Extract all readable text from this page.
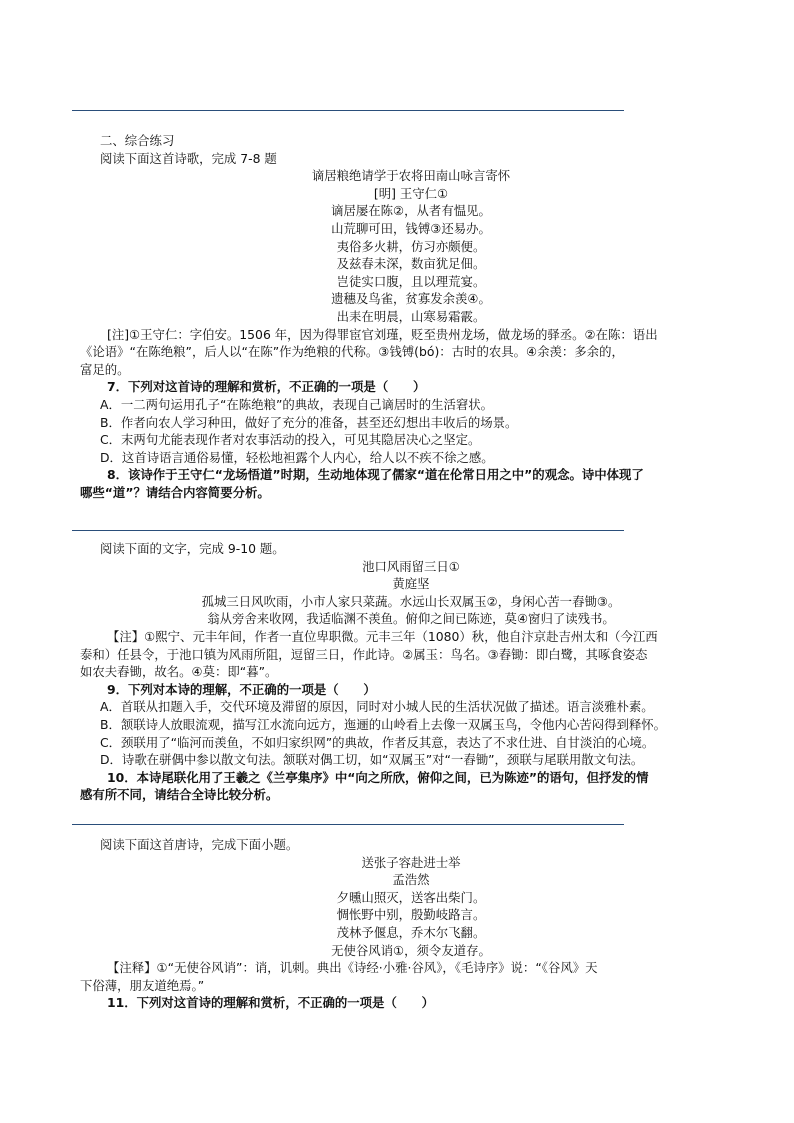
二、综合练习
阅读下面这首诗歌，完成 7-8 题
谪居粮绝请学于农将田南山咏言寄怀
[明] 王守仁①
谪居屡在陈②，从者有愠见。
山荒聊可田，钱镈③还易办。
夷俗多火耕，仿习亦颇便。
及兹春未深，数亩犹足佃。
岂徒实口腹，且以理荒宴。
遗穗及鸟雀，贫寡发余羡④。
出耒在明晨，山寒易霜霰。
[注]①王守仁：字伯安。1506 年，因为得罪宦官刘瑾，贬至贵州龙场，做龙场的驿丞。②在陈：语出
《论语》“在陈绝粮”，后人以“在陈”作为绝粮的代称。③钱镈(bó)：古时的农具。④余羡：多余的，
富足的。
7．下列对这首诗的理解和赏析，不正确的一项是（　　）
A．一二两句运用孔子“在陈绝粮”的典故，表现自己谪居时的生活窘状。
B．作者向农人学习种田，做好了充分的准备，甚至还幻想出丰收后的场景。
C．末两句尤能表现作者对农事活动的投入，可见其隐居决心之坚定。
D．这首诗语言通俗易懂，轻松地袒露个人内心，给人以不疾不徐之感。
8．该诗作于王守仁“龙场悟道”时期，生动地体现了儒家“道在伦常日用之中”的观念。诗中体现了
哪些“道”？请结合内容简要分析。
阅读下面的文字，完成 9-10 题。
池口风雨留三日①
黄庭坚
孤城三日风吹雨，小市人家只菜蔬。水远山长双属玉②，身闲心苦一舂锄③。
翁从旁舍来收网，我适临渊不羡鱼。俯仰之间已陈迹，莫④窗归了读残书。
【注】①熙宁、元丰年间，作者一直位卑职微。元丰三年（1080）秋，他自汴京赴吉州太和（今江西
泰和）任县令，于池口镇为风雨所阻，逗留三日，作此诗。②属玉：鸟名。③舂锄：即白鹭，其啄食姿态
如农夫舂锄，故名。④莫：即“暮”。
9．下列对本诗的理解，不正确的一项是（　　）
A．首联从扣题入手，交代环境及滞留的原因，同时对小城人民的生活状况做了描述。语言淡雅朴素。
B．颔联诗人放眼流观，描写江水流向远方，迤逦的山岭看上去像一双属玉鸟，令他内心苦闷得到释怀。
C．颈联用了“临河而羡鱼，不如归家织网”的典故，作者反其意，表达了不求仕进、自甘淡泊的心境。
D．诗歌在骈偶中参以散文句法。颔联对偶工切，如“双属玉”对“一舂锄”，颈联与尾联用散文句法。
10．本诗尾联化用了王羲之《兰亭集序》中“向之所欣，俯仰之间，已为陈迹”的语句，但抒发的情
感有所不同，请结合全诗比较分析。
阅读下面这首唐诗，完成下面小题。
送张子容赴进士举
孟浩然
夕曛山照灭，送客出柴门。
惆怅野中别，殷勤岐路言。
茂林予偃息，乔木尔飞翻。
无使谷风诮①，须令友道存。
【注释】①“无使谷风诮”：诮，讥刺。典出《诗经·小雅·谷风》，《毛诗序》说：“《谷风》天
下俗薄，朋友道绝焉。”
11．下列对这首诗的理解和赏析，不正确的一项是（　　）
